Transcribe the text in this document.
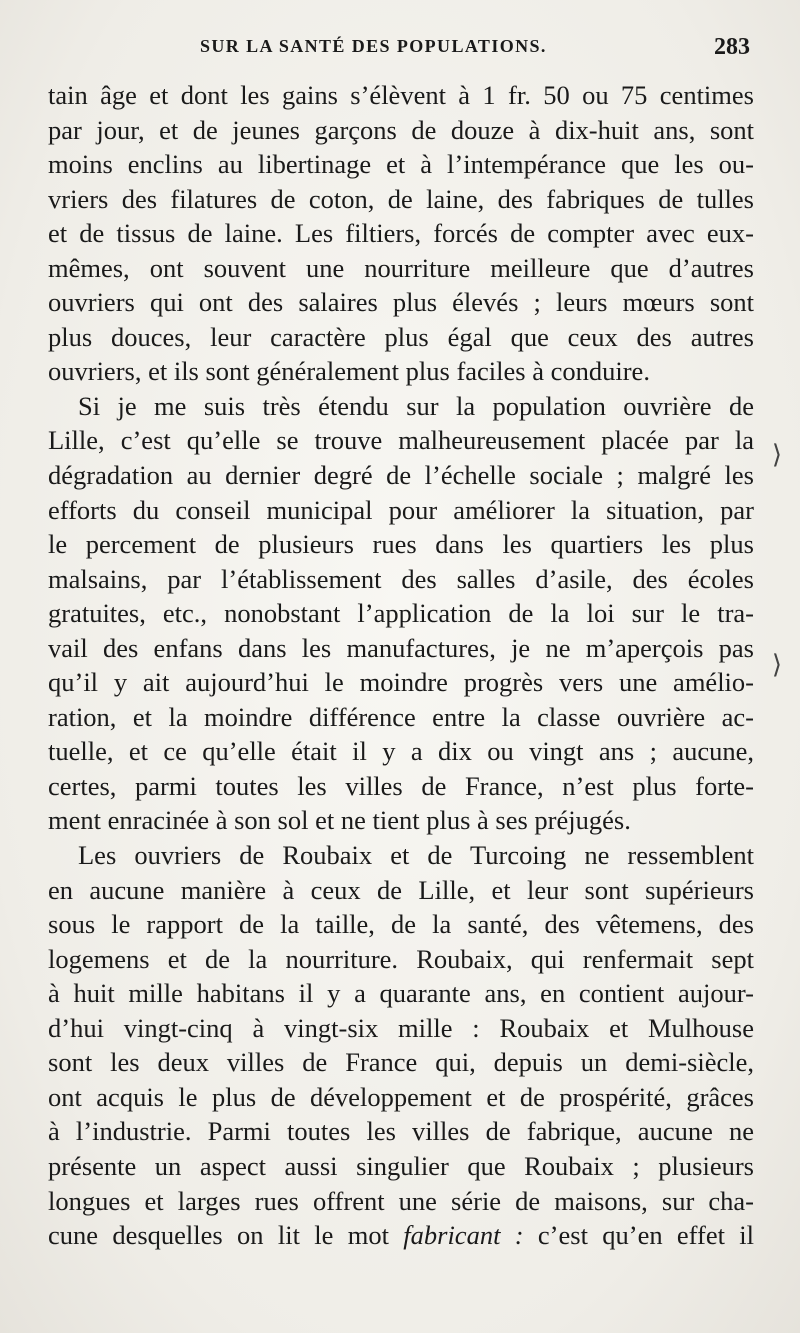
SUR LA SANTÉ DES POPULATIONS.	283
tain âge et dont les gains s’élèvent à 1 fr. 50 ou 75 centimes
par jour, et de jeunes garçons de douze à dix-huit ans, sont
moins enclins au libertinage et à l’intempérance que les ou-
vriers des filatures de coton, de laine, des fabriques de tulles
et de tissus de laine. Les filtiers, forcés de compter avec eux-
mêmes, ont souvent une nourriture meilleure que d’autres
ouvriers qui ont des salaires plus élevés ; leurs mœurs sont
plus douces, leur caractère plus égal que ceux des autres
ouvriers, et ils sont généralement plus faciles à conduire.
Si je me suis très étendu sur la population ouvrière de
Lille, c’est qu’elle se trouve malheureusement placée par la
dégradation au dernier degré de l’échelle sociale ; malgré les
efforts du conseil municipal pour améliorer la situation, par
le percement de plusieurs rues dans les quartiers les plus
malsains, par l’établissement des salles d’asile, des écoles
gratuites, etc., nonobstant l’application de la loi sur le tra-
vail des enfans dans les manufactures, je ne m’aperçois pas
qu’il y ait aujourd’hui le moindre progrès vers une amélio-
ration, et la moindre différence entre la classe ouvrière ac-
tuelle, et ce qu’elle était il y a dix ou vingt ans ; aucune,
certes, parmi toutes les villes de France, n’est plus forte-
ment enracinée à son sol et ne tient plus à ses préjugés.
Les ouvriers de Roubaix et de Turcoing ne ressemblent
en aucune manière à ceux de Lille, et leur sont supérieurs
sous le rapport de la taille, de la santé, des vêtemens, des
logemens et de la nourriture. Roubaix, qui renfermait sept
à huit mille habitans il y a quarante ans, en contient aujour-
d’hui vingt-cinq à vingt-six mille : Roubaix et Mulhouse
sont les deux villes de France qui, depuis un demi-siècle,
ont acquis le plus de développement et de prospérité, grâces
à l’industrie. Parmi toutes les villes de fabrique, aucune ne
présente un aspect aussi singulier que Roubaix ; plusieurs
longues et larges rues offrent une série de maisons, sur cha-
cune desquelles on lit le mot fabricant : c’est qu’en effet il
⟩
⟩
